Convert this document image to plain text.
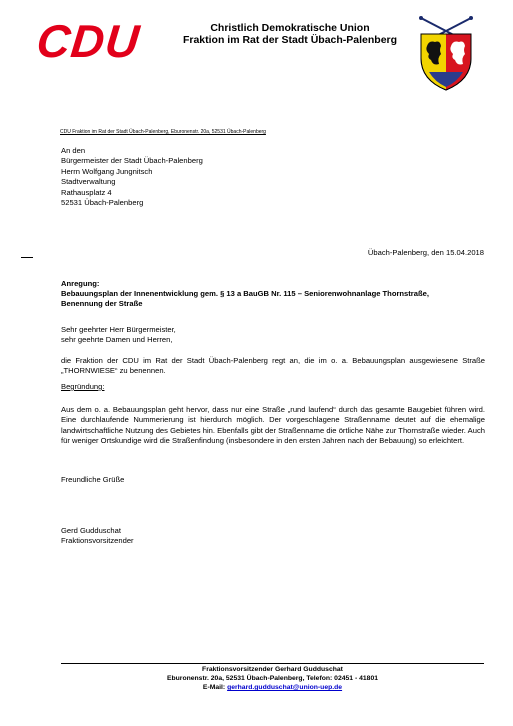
CDU	Christlich Demokratische Union
Fraktion im Rat der Stadt Übach-Palenberg
CDU Fraktion im Rat der Stadt Übach-Palenberg, Eburonenstr. 20a, 52531 Übach-Palenberg
An den
Bürgermeister der Stadt Übach-Palenberg
Herrn Wolfgang Jungnitsch
Stadtverwaltung
Rathausplatz 4
52531 Übach-Palenberg
Übach-Palenberg, den 15.04.2018
Anregung:
Bebauungsplan der Innenentwicklung gem. § 13 a BauGB Nr. 115 – Seniorenwohnanlage Thornstraße,
Benennung der Straße
Sehr geehrter Herr Bürgermeister,
sehr geehrte Damen und Herren,
die Fraktion der CDU im Rat der Stadt Übach-Palenberg regt an, die im o. a. Bebauungsplan ausgewiesene Straße „THORNWIESE“ zu benennen.
Begründung:
Aus dem o. a. Bebauungsplan geht hervor, dass nur eine Straße „rund laufend“ durch das gesamte Baugebiet führen wird. Eine durchlaufende Nummerierung ist hierdurch möglich. Der vorgeschlagene Straßenname deutet auf die ehemalige landwirtschaftliche Nutzung des Gebietes hin. Ebenfalls gibt der Straßenname die örtliche Nähe zur Thornstraße wieder. Auch für weniger Ortskundige wird die Straßenfindung (insbesondere in den ersten Jahren nach der Bebauung) so erleichtert.
Freundliche Grüße
Gerd Gudduschat
Fraktionsvorsitzender
Fraktionsvorsitzender Gerhard Gudduschat
Eburonenstr. 20a, 52531 Übach-Palenberg, Telefon: 02451 - 41801
E-Mail: gerhard.gudduschat@union-uep.de
